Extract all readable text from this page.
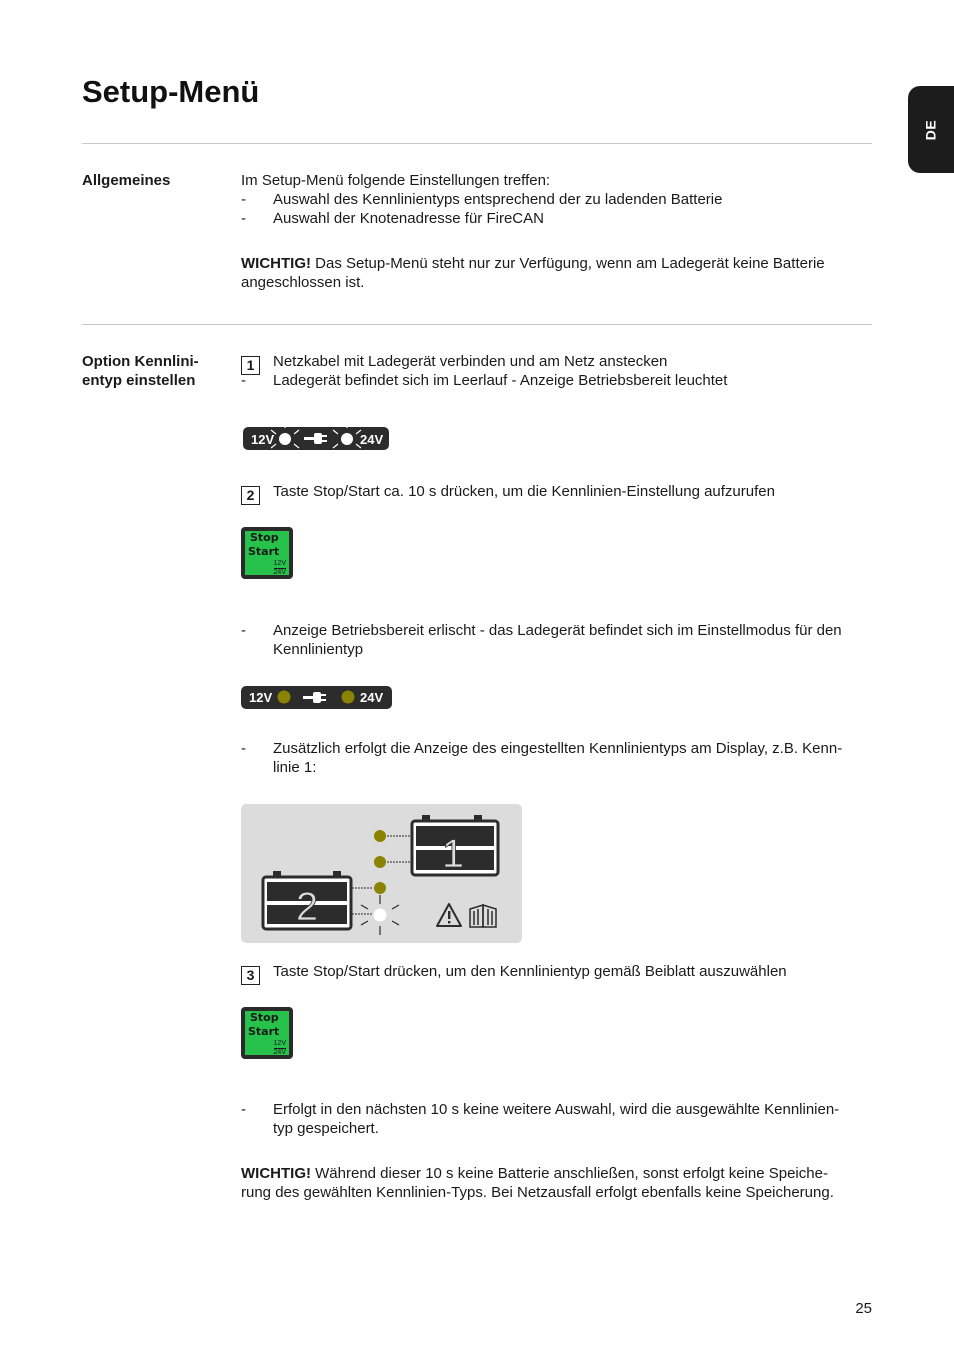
Setup-Menü
DE
Allgemeines	Im Setup-Menü folgende Einstellungen treffen:
- Auswahl des Kennlinientyps entsprechend der zu ladenden Batterie
- Auswahl der Knotenadresse für FireCAN
WICHTIG! Das Setup-Menü steht nur zur Verfügung, wenn am Ladegerät keine Batterie
angeschlossen ist.
Option Kennlini-
entyp einstellen
1	Netzkabel mit Ladegerät verbinden und am Netz anstecken
- Ladegerät befindet sich im Leerlauf - Anzeige Betriebsbereit leuchtet
12V	24V
2	Taste Stop/Start ca. 10 s drücken, um die Kennlinien-Einstellung aufzurufen
Stop
Start
12V
24V
- Anzeige Betriebsbereit erlischt - das Ladegerät befindet sich im Einstellmodus für den
Kennlinientyp
12V	24V
- Zusätzlich erfolgt die Anzeige des eingestellten Kennlinientyps am Display, z.B. Kenn-
linie 1:
1
2
3	Taste Stop/Start drücken, um den Kennlinientyp gemäß Beiblatt auszuwählen
Stop
Start
12V
24V
- Erfolgt in den nächsten 10 s keine weitere Auswahl, wird die ausgewählte Kennlinien-
typ gespeichert.
WICHTIG! Während dieser 10 s keine Batterie anschließen, sonst erfolgt keine Speiche-
rung des gewählten Kennlinien-Typs. Bei Netzausfall erfolgt ebenfalls keine Speicherung.
25
